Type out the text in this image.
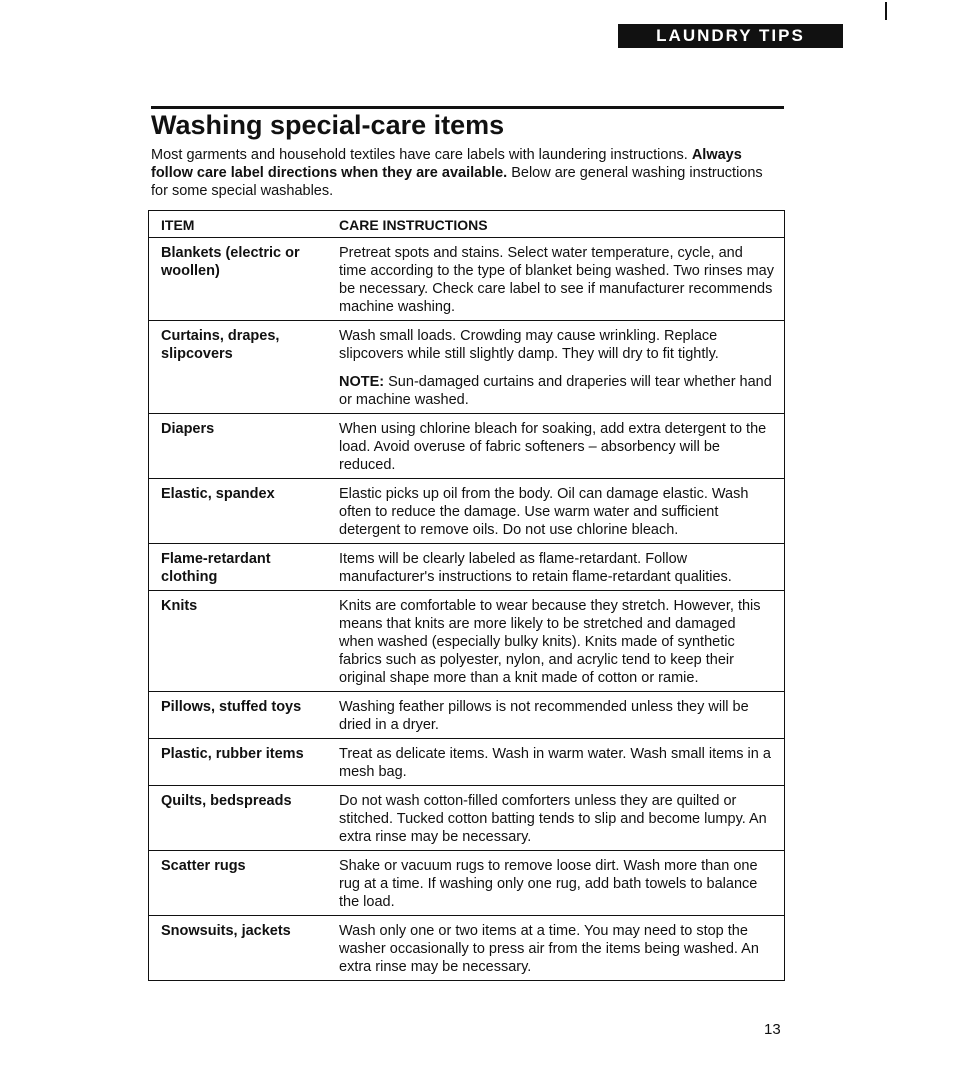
LAUNDRY TIPS
Washing special-care items

Most garments and household textiles have care labels with laundering instructions. Always follow care label directions when they are available. Below are general washing instructions for some special washables.

ITEM	CARE INSTRUCTIONS
Blankets (electric or woollen)	Pretreat spots and stains. Select water temperature, cycle, and time according to the type of blanket being washed. Two rinses may be necessary. Check care label to see if manufacturer recommends machine washing.

Curtains, drapes, slipcovers	Wash small loads. Crowding may cause wrinkling. Replace slipcovers while still slightly damp. They will dry to fit tightly.

NOTE: Sun-damaged curtains and draperies will tear whether hand or machine washed.

Diapers	When using chlorine bleach for soaking, add extra detergent to the load. Avoid overuse of fabric softeners – absorbency will be reduced.

Elastic, spandex	Elastic picks up oil from the body. Oil can damage elastic. Wash often to reduce the damage. Use warm water and sufficient detergent to remove oils. Do not use chlorine bleach.

Flame-retardant clothing	Items will be clearly labeled as flame-retardant. Follow manufacturer's instructions to retain flame-retardant qualities.

Knits	Knits are comfortable to wear because they stretch. However, this means that knits are more likely to be stretched and damaged when washed (especially bulky knits). Knits made of synthetic fabrics such as polyester, nylon, and acrylic tend to keep their original shape more than a knit made of cotton or ramie.

Pillows, stuffed toys	Washing feather pillows is not recommended unless they will be dried in a dryer.

Plastic, rubber items	Treat as delicate items. Wash in warm water. Wash small items in a mesh bag.

Quilts, bedspreads	Do not wash cotton-filled comforters unless they are quilted or stitched. Tucked cotton batting tends to slip and become lumpy. An extra rinse may be necessary.

Scatter rugs	Shake or vacuum rugs to remove loose dirt. Wash more than one rug at a time. If washing only one rug, add bath towels to balance the load.

Snowsuits, jackets	Wash only one or two items at a time. You may need to stop the washer occasionally to press air from the items being washed. An extra rinse may be necessary.

13
